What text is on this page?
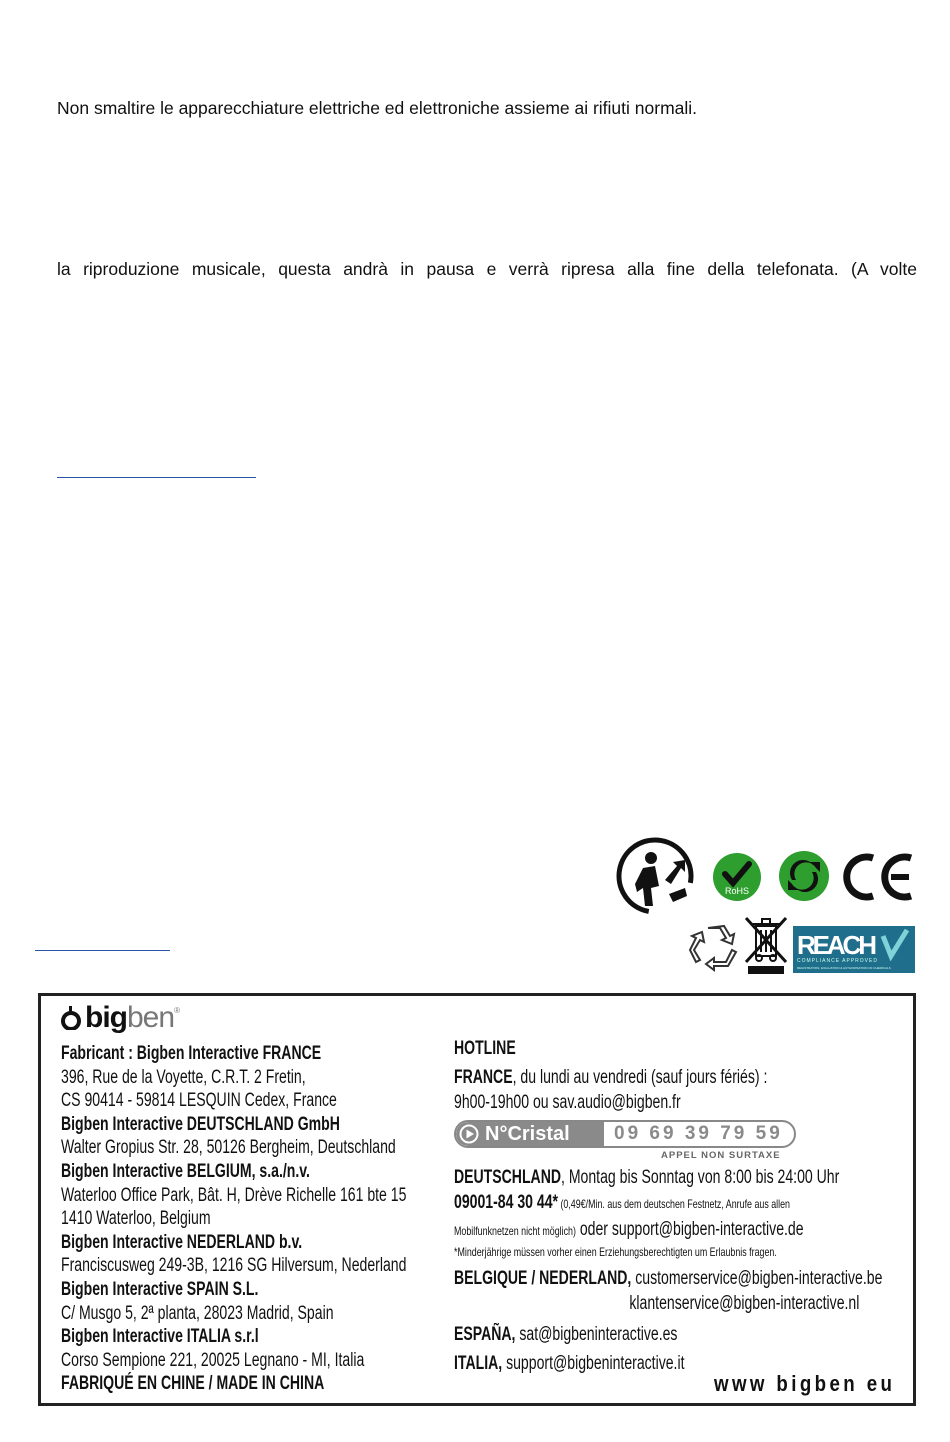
Non smaltire le apparecchiature elettriche ed elettroniche assieme ai rifiuti normali.
la riproduzione musicale, questa andrà in pausa e verrà ripresa alla fine della telefonata. (A volte
RoHS
REACH
COMPLIANCE APPROVED
REGISTRATION, EVALUATION & AUTHORISATION OF CHEMICALS
big ben ®
Fabricant : Bigben Interactive FRANCE
396, Rue de la Voyette, C.R.T. 2 Fretin,
CS 90414 - 59814 LESQUIN Cedex, France
Bigben Interactive DEUTSCHLAND GmbH
Walter Gropius Str. 28, 50126 Bergheim, Deutschland
Bigben Interactive BELGIUM, s.a./n.v.
Waterloo Office Park, Bât. H, Drève Richelle 161 bte 15
1410 Waterloo, Belgium
Bigben Interactive NEDERLAND b.v.
Franciscusweg 249-3B, 1216 SG Hilversum, Nederland
Bigben Interactive SPAIN S.L.
C/ Musgo 5, 2ª planta, 28023 Madrid, Spain
Bigben Interactive ITALIA s.r.l
Corso Sempione 221, 20025 Legnano - MI, Italia
FABRIQUÉ EN CHINE / MADE IN CHINA
HOTLINE
FRANCE, du lundi au vendredi (sauf jours fériés) :
9h00-19h00 ou sav.audio@bigben.fr
N°Cristal 09 69 39 79 59
APPEL NON SURTAXE
DEUTSCHLAND, Montag bis Sonntag von 8:00 bis 24:00 Uhr
09001-84 30 44* (0,49€/Min. aus dem deutschen Festnetz, Anrufe aus allen
Mobilfunknetzen nicht möglich) oder support@bigben-interactive.de
*Minderjährige müssen vorher einen Erziehungsberechtigten um Erlaubnis fragen.
BELGIQUE / NEDERLAND, customerservice@bigben-interactive.be
klantenservice@bigben-interactive.nl
ESPAÑA, sat@bigbeninteractive.es
ITALIA, support@bigbeninteractive.it
www bigben eu
